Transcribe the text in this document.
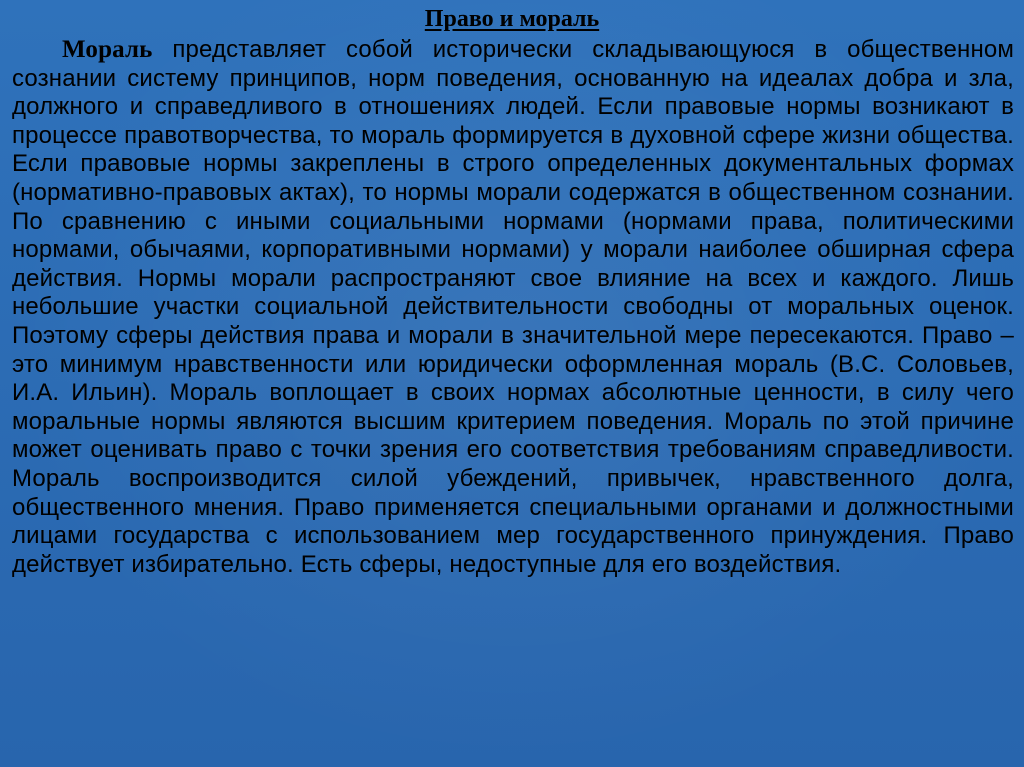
Право и мораль

Мораль представляет собой исторически складывающуюся в общественном сознании систему принципов, норм поведения, основанную на идеалах добра и зла, должного и справедливого в отношениях людей. Если правовые нормы возникают в процессе правотворчества, то мораль формируется в духовной сфере жизни общества. Если правовые нормы закреплены в строго определенных документальных формах (нормативно-правовых актах), то нормы морали содержатся в общественном сознании. По сравнению с иными социальными нормами (нормами права, политическими нормами, обычаями, корпоративными нормами) у морали наиболее обширная сфера действия. Нормы морали распространяют свое влияние на всех и каждого. Лишь небольшие участки социальной действительности свободны от моральных оценок. Поэтому сферы действия права и морали в значительной мере пересекаются. Право – это минимум нравственности или юридически оформленная мораль (В.С. Соловьев, И.А. Ильин). Мораль воплощает в своих нормах абсолютные ценности, в силу чего моральные нормы являются высшим критерием поведения. Мораль по этой причине может оценивать право с точки зрения его соответствия требованиям справедливости. Мораль воспроизводится силой убеждений, привычек, нравственного долга, общественного мнения. Право применяется специальными органами и должностными лицами государства с использованием мер государственного принуждения. Право действует избирательно. Есть сферы, недоступные для его воздействия.
